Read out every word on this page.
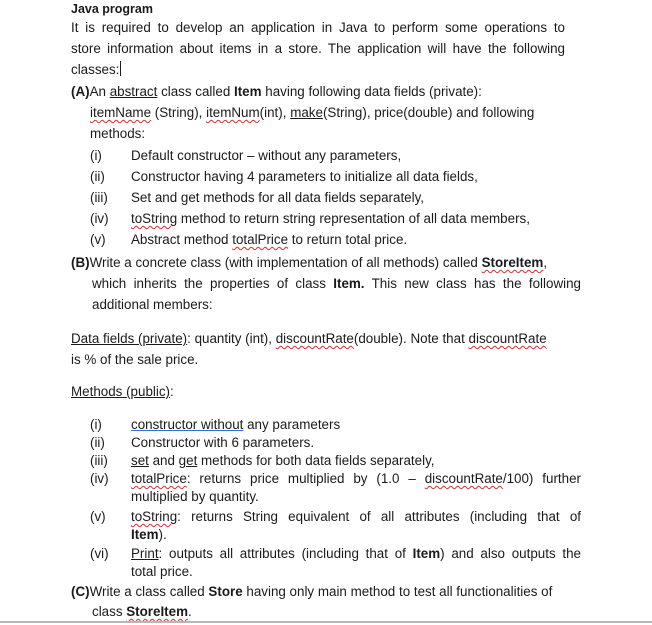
Java program
It is required to develop an application in Java to perform some operations to
store information about items in a store. The application will have the following
classes:
(A)An abstract class called Item having following data fields (private):
itemName (String), itemNum(int), make(String), price(double) and following
methods:
(i) Default constructor – without any parameters,
(ii) Constructor having 4 parameters to initialize all data fields,
(iii) Set and get methods for all data fields separately,
(iv) toString method to return string representation of all data members,
(v) Abstract method totalPrice to return total price.
(B)Write a concrete class (with implementation of all methods) called StoreItem,
which inherits the properties of class Item. This new class has the following
additional members:
Data fields (private): quantity (int), discountRate(double). Note that discountRate
is % of the sale price.
Methods (public):
(i) constructor without any parameters
(ii) Constructor with 6 parameters.
(iii) set and get methods for both data fields separately,
(iv) totalPrice: returns price multiplied by (1.0 – discountRate/100) further
multiplied by quantity.
(v) toString: returns String equivalent of all attributes (including that of
Item).
(vi) Print: outputs all attributes (including that of Item) and also outputs the
total price.
(C)Write a class called Store having only main method to test all functionalities of
class StoreItem.
